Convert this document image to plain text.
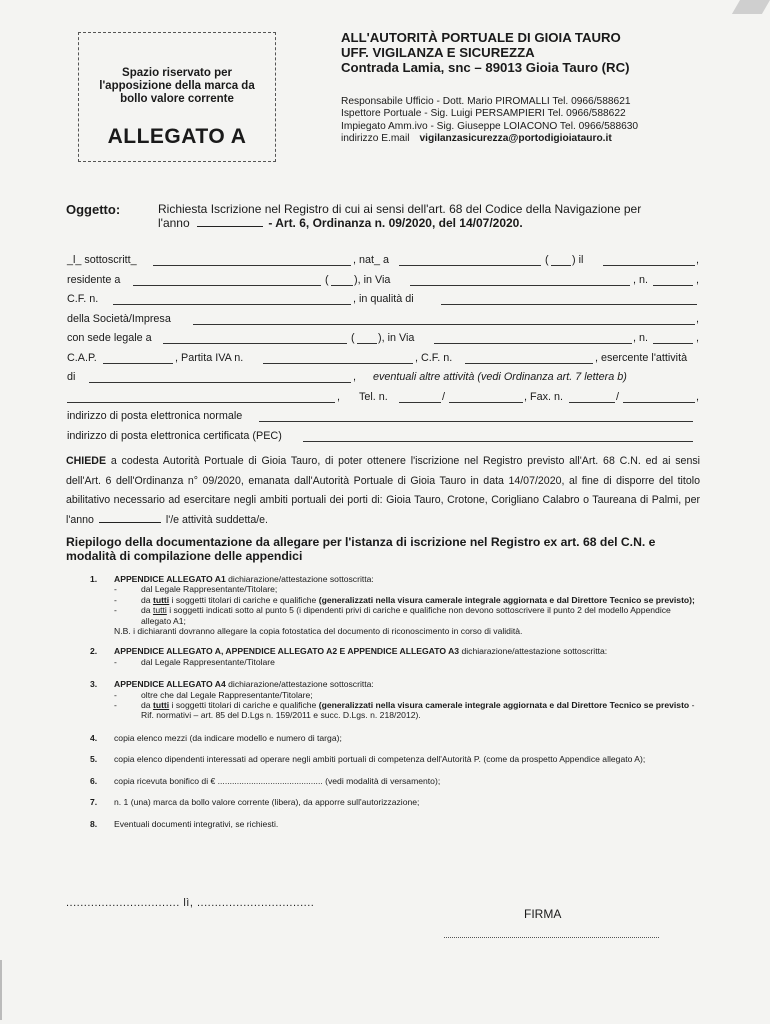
Spazio riservato per
l'apposizione della marca da
bollo valore corrente
ALLEGATO A
ALL'AUTORITÀ PORTUALE DI GIOIA TAURO
UFF. VIGILANZA E SICUREZZA
Contrada Lamia, snc – 89013 Gioia Tauro (RC)
Responsabile Ufficio - Dott. Mario PIROMALLI Tel. 0966/588621
Ispettore Portuale - Sig. Luigi PERSAMPIERI Tel. 0966/588622
Impiegato Amm.ivo - Sig. Giuseppe LOIACONO Tel. 0966/588630
indirizzo E.mail vigilanzasicurezza@portodigioiatauro.it
Oggetto:	Richiesta Iscrizione nel Registro di cui ai sensi dell'art. 68 del Codice della Navigazione per
l'anno	- Art. 6, Ordinanza n. 09/2020, del 14/07/2020.
_l_ sottoscritt_	, nat_ a	( ) il	,
residente a	( ), in Via	, n.	,
C.F. n.	, in qualità di
della Società/Impresa	,
con sede legale a	( ), in Via	, n.	,
C.A.P.	, Partita IVA n.	, C.F. n.	, esercente l'attività
di	, eventuali altre attività (vedi Ordinanza art. 7 lettera b)
, Tel. n.	/	, Fax. n.	/	,
indirizzo di posta elettronica normale
indirizzo di posta elettronica certificata (PEC)
CHIEDE a codesta Autorità Portuale di Gioia Tauro, di poter ottenere l'iscrizione nel Registro previsto all'Art. 68 C.N. ed ai sensi dell'Art. 6 dell'Ordinanza n° 09/2020, emanata dall'Autorità Portuale di Gioia Tauro in data 14/07/2020, al fine di disporre del titolo abilitativo necessario ad esercitare negli ambiti portuali dei porti di: Gioia Tauro, Crotone, Corigliano Calabro o Taureana di Palmi, per l'anno	l'/e attività suddetta/e.
Riepilogo della documentazione da allegare per l'istanza di iscrizione nel Registro ex art. 68 del C.N. e modalità di compilazione delle appendici
1. APPENDICE ALLEGATO A1 dichiarazione/attestazione sottoscritta:
- dal Legale Rappresentante/Titolare;
- da tutti i soggetti titolari di cariche e qualifiche (generalizzati nella visura camerale integrale aggiornata e dal Direttore Tecnico se previsto);
- da tutti i soggetti indicati sotto al punto 5 (i dipendenti privi di cariche e qualifiche non devono sottoscrivere il punto 2 del modello Appendice allegato A1;
N.B. i dichiaranti dovranno allegare la copia fotostatica del documento di riconoscimento in corso di validità.
2. APPENDICE ALLEGATO A, APPENDICE ALLEGATO A2 E APPENDICE ALLEGATO A3 dichiarazione/attestazione sottoscritta:
- dal Legale Rappresentante/Titolare
3. APPENDICE ALLEGATO A4 dichiarazione/attestazione sottoscritta:
- oltre che dal Legale Rappresentante/Titolare;
- da tutti i soggetti titolari di cariche e qualifiche (generalizzati nella visura camerale integrale aggiornata e dal Direttore Tecnico se previsto - Rif. normativi – art. 85 del D.Lgs n. 159/2011 e succ. D.Lgs. n. 218/2012).
4. copia elenco mezzi (da indicare modello e numero di targa);
5. copia elenco dipendenti interessati ad operare negli ambiti portuali di competenza dell'Autorità P. (come da prospetto Appendice allegato A);
6. copia ricevuta bonifico di € ............................................ (vedi modalità di versamento);
7. n. 1 (una) marca da bollo valore corrente (libera), da apporre sull'autorizzazione;
8. Eventuali documenti integrativi, se richiesti.
................................ lì, .................................
FIRMA
